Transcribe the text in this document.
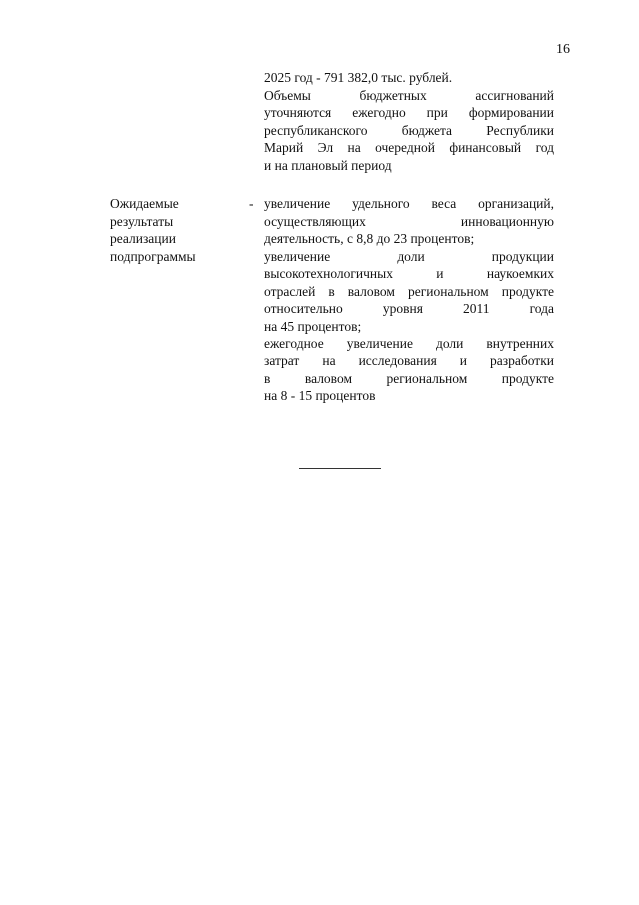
16
2025 год - 791 382,0 тыс. рублей.
Объемы бюджетных ассигнований
уточняются ежегодно при формировании
республиканского бюджета Республики
Марий Эл на очередной финансовый год
и на плановый период
Ожидаемые
результаты
реализации
подпрограммы
- увеличение удельного веса организаций,
осуществляющих инновационную
деятельность, с 8,8 до 23 процентов;
увеличение доли продукции
высокотехнологичных и наукоемких
отраслей в валовом региональном продукте
относительно уровня 2011 года
на 45 процентов;
ежегодное увеличение доли внутренних
затрат на исследования и разработки
в валовом региональном продукте
на 8 - 15 процентов
